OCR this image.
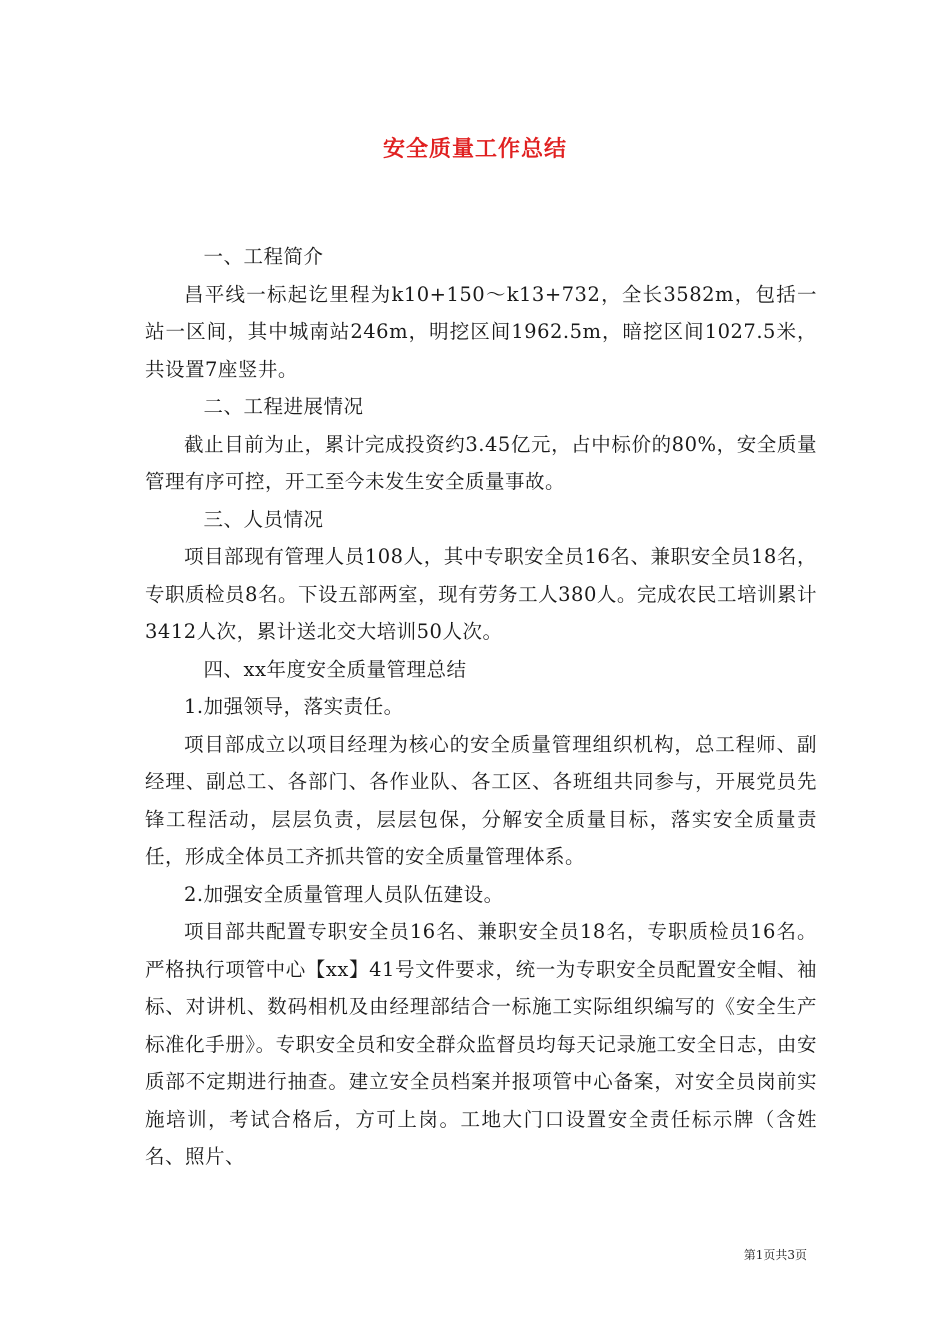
安全质量工作总结

一、工程简介

昌平线一标起讫里程为k10+150～k13+732，全长3582m，包括一站一区间，其中城南站246m，明挖区间1962.5m，暗挖区间1027.5米，共设置7座竖井。

二、工程进展情况

截止目前为止，累计完成投资约3.45亿元，占中标价的80%，安全质量管理有序可控，开工至今未发生安全质量事故。

三、人员情况

项目部现有管理人员108人，其中专职安全员16名、兼职安全员18名，专职质检员8名。下设五部两室，现有劳务工人380人。完成农民工培训累计3412人次，累计送北交大培训50人次。

四、xx年度安全质量管理总结

1.加强领导，落实责任。

项目部成立以项目经理为核心的安全质量管理组织机构，总工程师、副经理、副总工、各部门、各作业队、各工区、各班组共同参与，开展党员先锋工程活动，层层负责，层层包保，分解安全质量目标，落实安全质量责任，形成全体员工齐抓共管的安全质量管理体系。

2.加强安全质量管理人员队伍建设。

项目部共配置专职安全员16名、兼职安全员18名，专职质检员16名。严格执行项管中心【xx】41号文件要求，统一为专职安全员配置安全帽、袖标、对讲机、数码相机及由经理部结合一标施工实际组织编写的《安全生产标准化手册》。专职安全员和安全群众监督员均每天记录施工安全日志，由安质部不定期进行抽查。建立安全员档案并报项管中心备案，对安全员岗前实施培训，考试合格后，方可上岗。工地大门口设置安全责任标示牌（含姓名、照片、

第1页共3页
